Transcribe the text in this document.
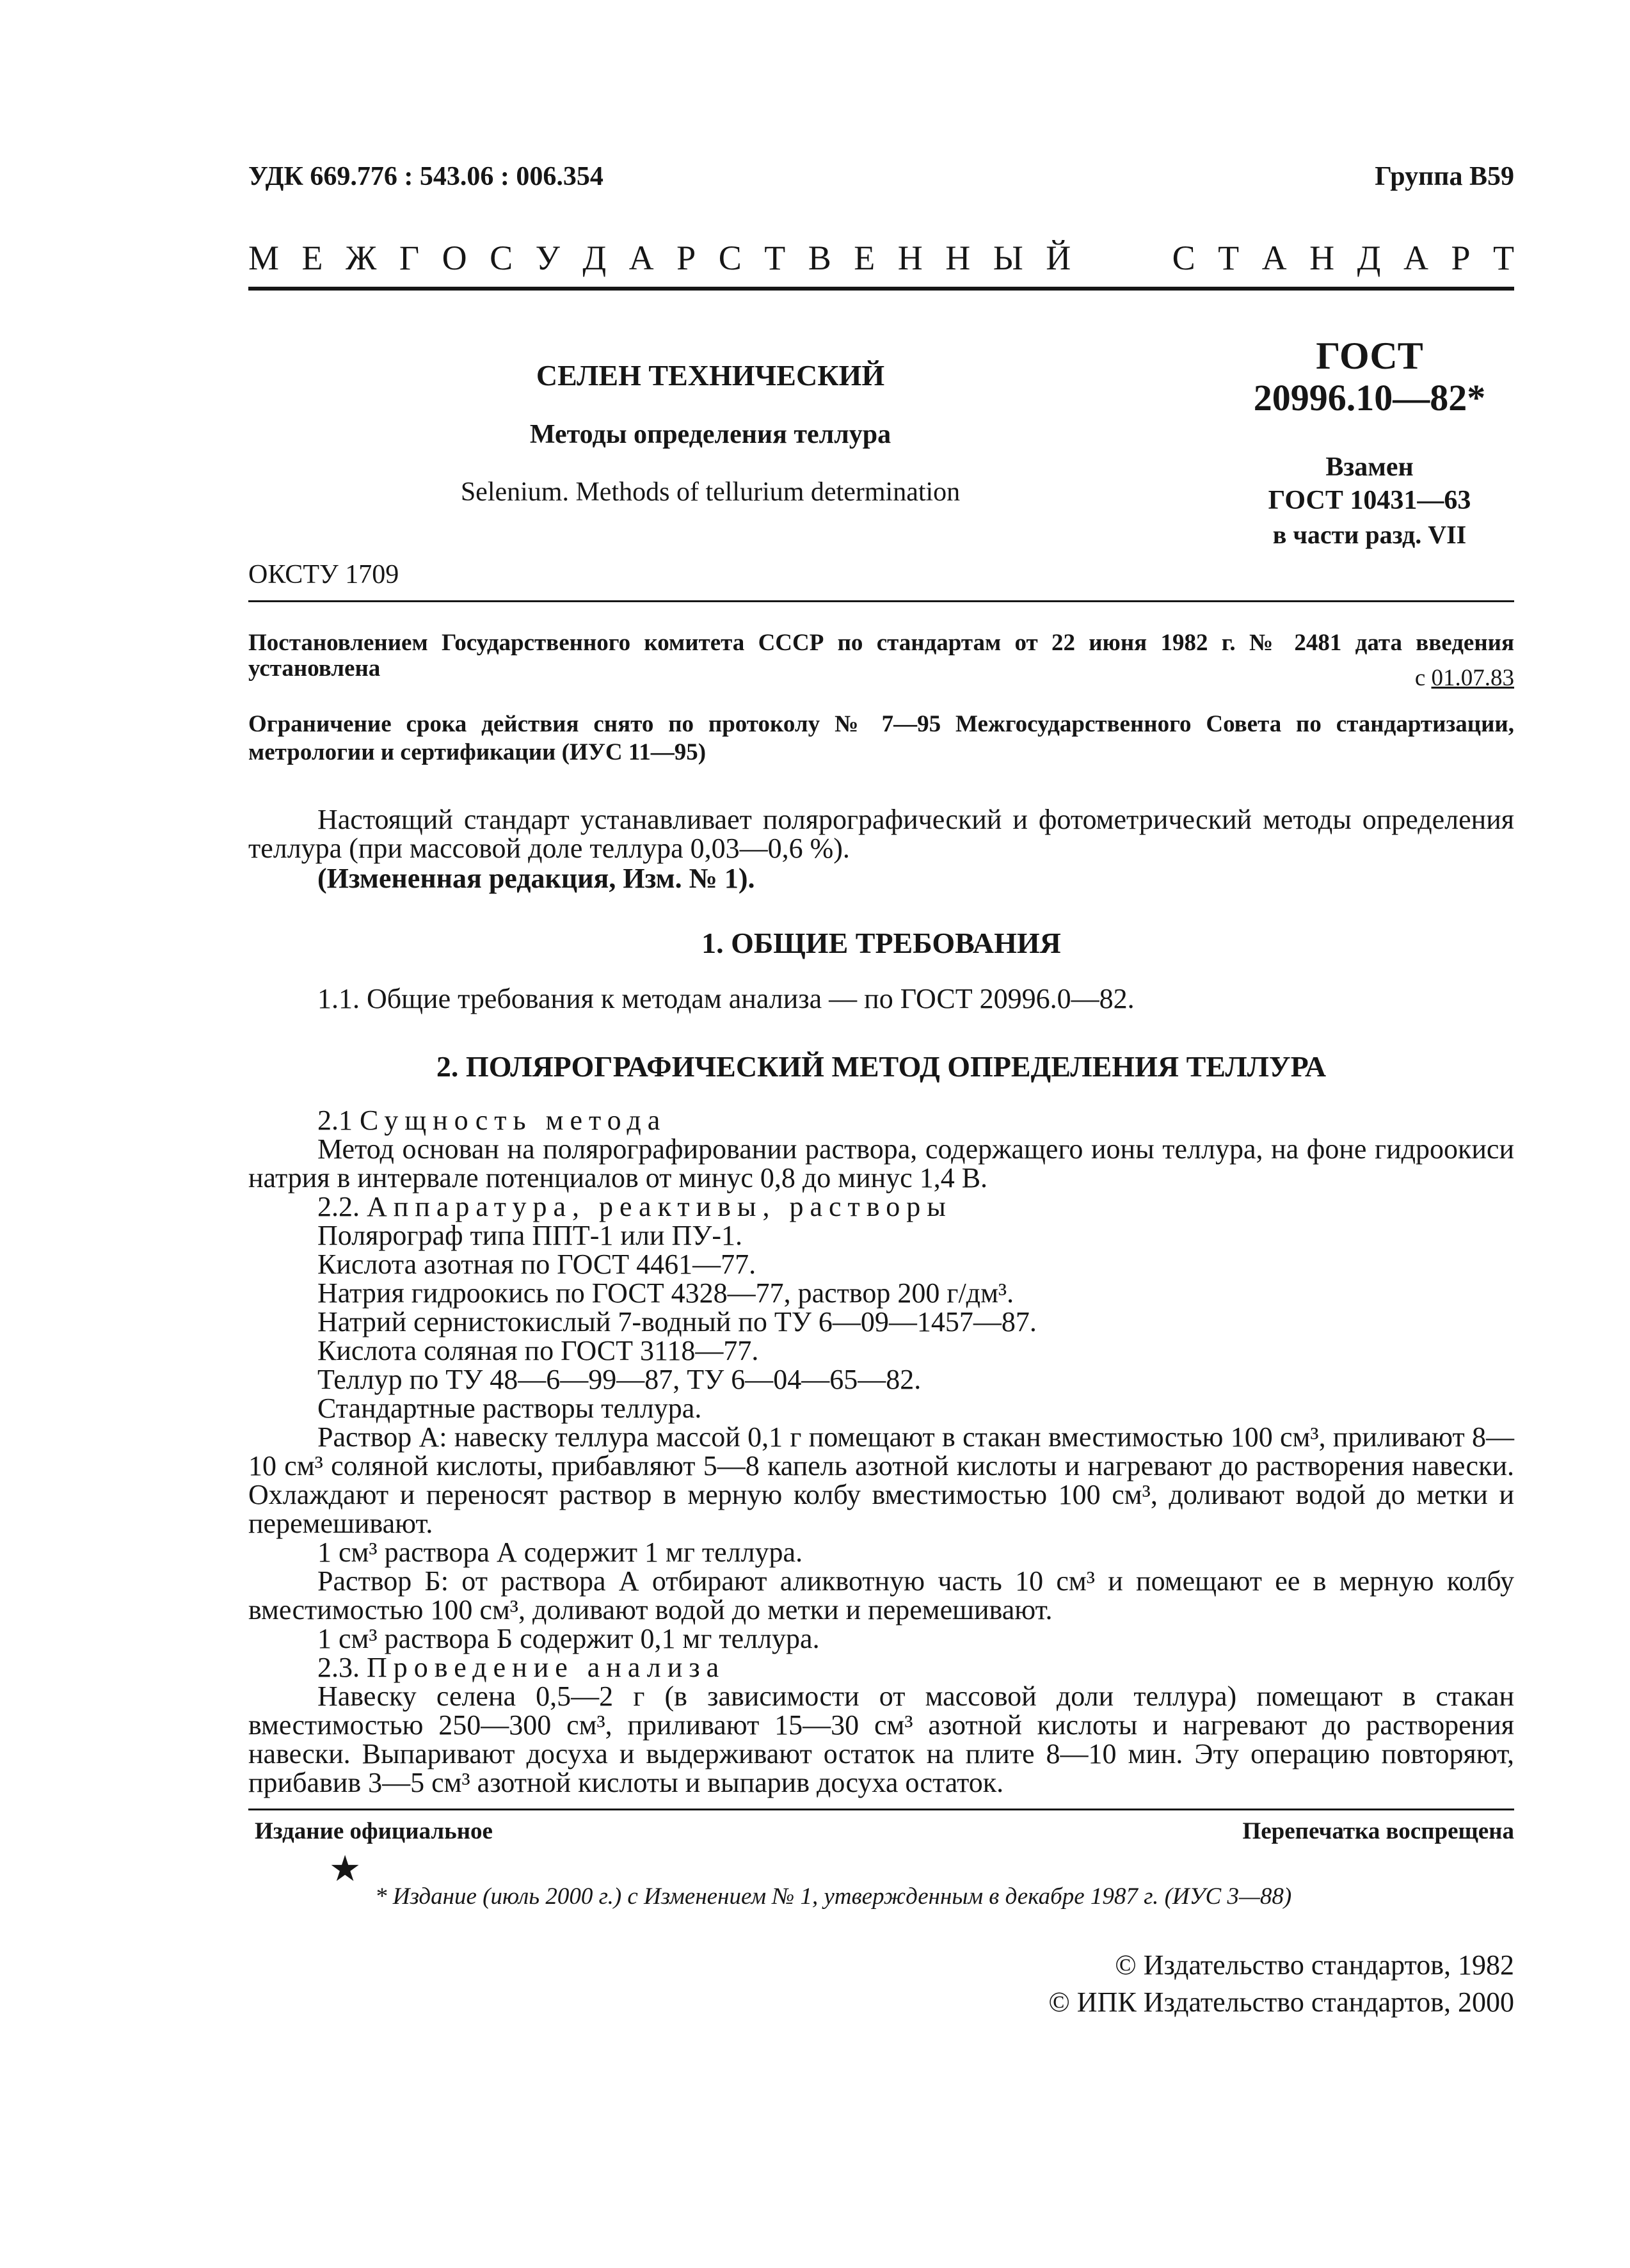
УДК 669.776 : 543.06 : 006.354	Группа В59
М Е Ж Г О С У Д А Р С Т В Е Н Н Ы Й	С Т А Н Д А Р Т
СЕЛЕН ТЕХНИЧЕСКИЙ
Методы определения теллура
Selenium. Methods of tellurium determination
ОКСТУ 1709
ГОСТ
20996.10—82*
Взамен
ГОСТ 10431—63
в части разд. VII
Постановлением Государственного комитета СССР по стандартам от 22 июня 1982 г. № 2481 дата введения установлена	с 01.07.83
Ограничение срока действия снято по протоколу № 7—95 Межгосударственного Совета по стандартизации, метрологии и сертификации (ИУС 11—95)
Настоящий стандарт устанавливает полярографический и фотометрический методы определения теллура (при массовой доле теллура 0,03—0,6 %).
(Измененная редакция, Изм. № 1).
1. ОБЩИЕ ТРЕБОВАНИЯ
1.1. Общие требования к методам анализа — по ГОСТ 20996.0—82.
2. ПОЛЯРОГРАФИЧЕСКИЙ МЕТОД ОПРЕДЕЛЕНИЯ ТЕЛЛУРА
2.1 Сущность метода
Метод основан на полярографировании раствора, содержащего ионы теллура, на фоне гидроокиси натрия в интервале потенциалов от минус 0,8 до минус 1,4 В.
2.2. Аппаратура, реактивы, растворы
Полярограф типа ППТ-1 или ПУ-1.
Кислота азотная по ГОСТ 4461—77.
Натрия гидроокись по ГОСТ 4328—77, раствор 200 г/дм³.
Натрий сернистокислый 7-водный по ТУ 6—09—1457—87.
Кислота соляная по ГОСТ 3118—77.
Теллур по ТУ 48—6—99—87, ТУ 6—04—65—82.
Стандартные растворы теллура.
Раствор А: навеску теллура массой 0,1 г помещают в стакан вместимостью 100 см³, приливают 8—10 см³ соляной кислоты, прибавляют 5—8 капель азотной кислоты и нагревают до растворения навески. Охлаждают и переносят раствор в мерную колбу вместимостью 100 см³, доливают водой до метки и перемешивают.
1 см³ раствора А содержит 1 мг теллура.
Раствор Б: от раствора А отбирают аликвотную часть 10 см³ и помещают ее в мерную колбу вместимостью 100 см³, доливают водой до метки и перемешивают.
1 см³ раствора Б содержит 0,1 мг теллура.
2.3. Проведение анализа
Навеску селена 0,5—2 г (в зависимости от массовой доли теллура) помещают в стакан вместимостью 250—300 см³, приливают 15—30 см³ азотной кислоты и нагревают до растворения навески. Выпаривают досуха и выдерживают остаток на плите 8—10 мин. Эту операцию повторяют, прибавив 3—5 см³ азотной кислоты и выпарив досуха остаток.
Издание официальное	Перепечатка воспрещена
★
* Издание (июль 2000 г.) с Изменением № 1, утвержденным в декабре 1987 г. (ИУС 3—88)
© Издательство стандартов, 1982
© ИПК Издательство стандартов, 2000
